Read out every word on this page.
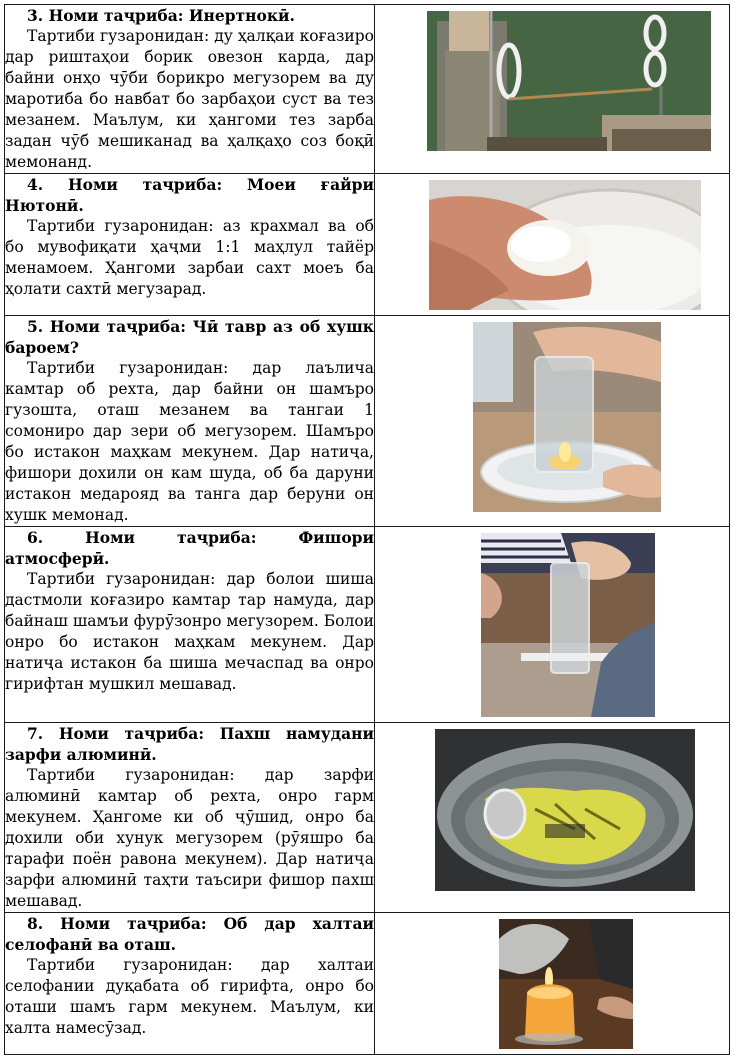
3. Номи таҷриба: Инертнокӣ.

Тартиби гузаронидан: ду ҳалқаи коғазиро дар риштаҳои борик овезон карда, дар байни онҳо чӯби борикро мегузорем ва ду маротиба бо навбат бо зарбаҳои суст ва тез мезанем. Маълум, ки ҳангоми тез зарба задан чӯб мешиканад ва ҳалқаҳо соз боқӣ мемонанд.

4. Номи таҷриба: Моеи ғайри Нютонӣ.

Тартиби гузаронидан: аз крахмал ва об бо мувофиқати ҳаҷми 1:1 маҳлул тайёр менамоем. Ҳангоми зарбаи сахт моеъ ба ҳолати сахтӣ мегузарад.

5. Номи таҷриба: Чӣ тавр аз об хушк бароем?

Тартиби гузаронидан: дар лаълича камтар об рехта, дар байни он шамъро гузошта, оташ мезанем ва тангаи 1 сомониро дар зери об мегузорем. Шамъро бо истакон маҳкам мекунем. Дар натиҷа, фишори дохили он кам шуда, об ба даруни истакон медарояд ва танга дар беруни он хушк мемонад.

6. Номи таҷриба: Фишори атмосферӣ.

Тартиби гузаронидан: дар болои шиша дастмоли коғазиро камтар тар намуда, дар байнаш шамъи фурӯзонро мегузорем. Болои онро бо истакон маҳкам мекунем. Дар натиҷа истакон ба шиша мечаспад ва онро гирифтан мушкил мешавад.

7. Номи таҷриба: Пахш намудани зарфи алюминӣ.

Тартиби гузаронидан: дар зарфи алюминӣ камтар об рехта, онро гарм мекунем. Ҳангоме ки об ҷӯшид, онро ба дохили оби хунук мегузорем (рӯяшро ба тарафи поён равона мекунем). Дар натиҷа зарфи алюминӣ таҳти таъсири фишор пахш мешавад.

8. Номи таҷриба: Об дар халтаи селофанӣ ва оташ.

Тартиби гузаронидан: дар халтаи селофании дуқабата об гирифта, онро бо оташи шамъ гарм мекунем. Маълум, ки халта намесӯзад.
